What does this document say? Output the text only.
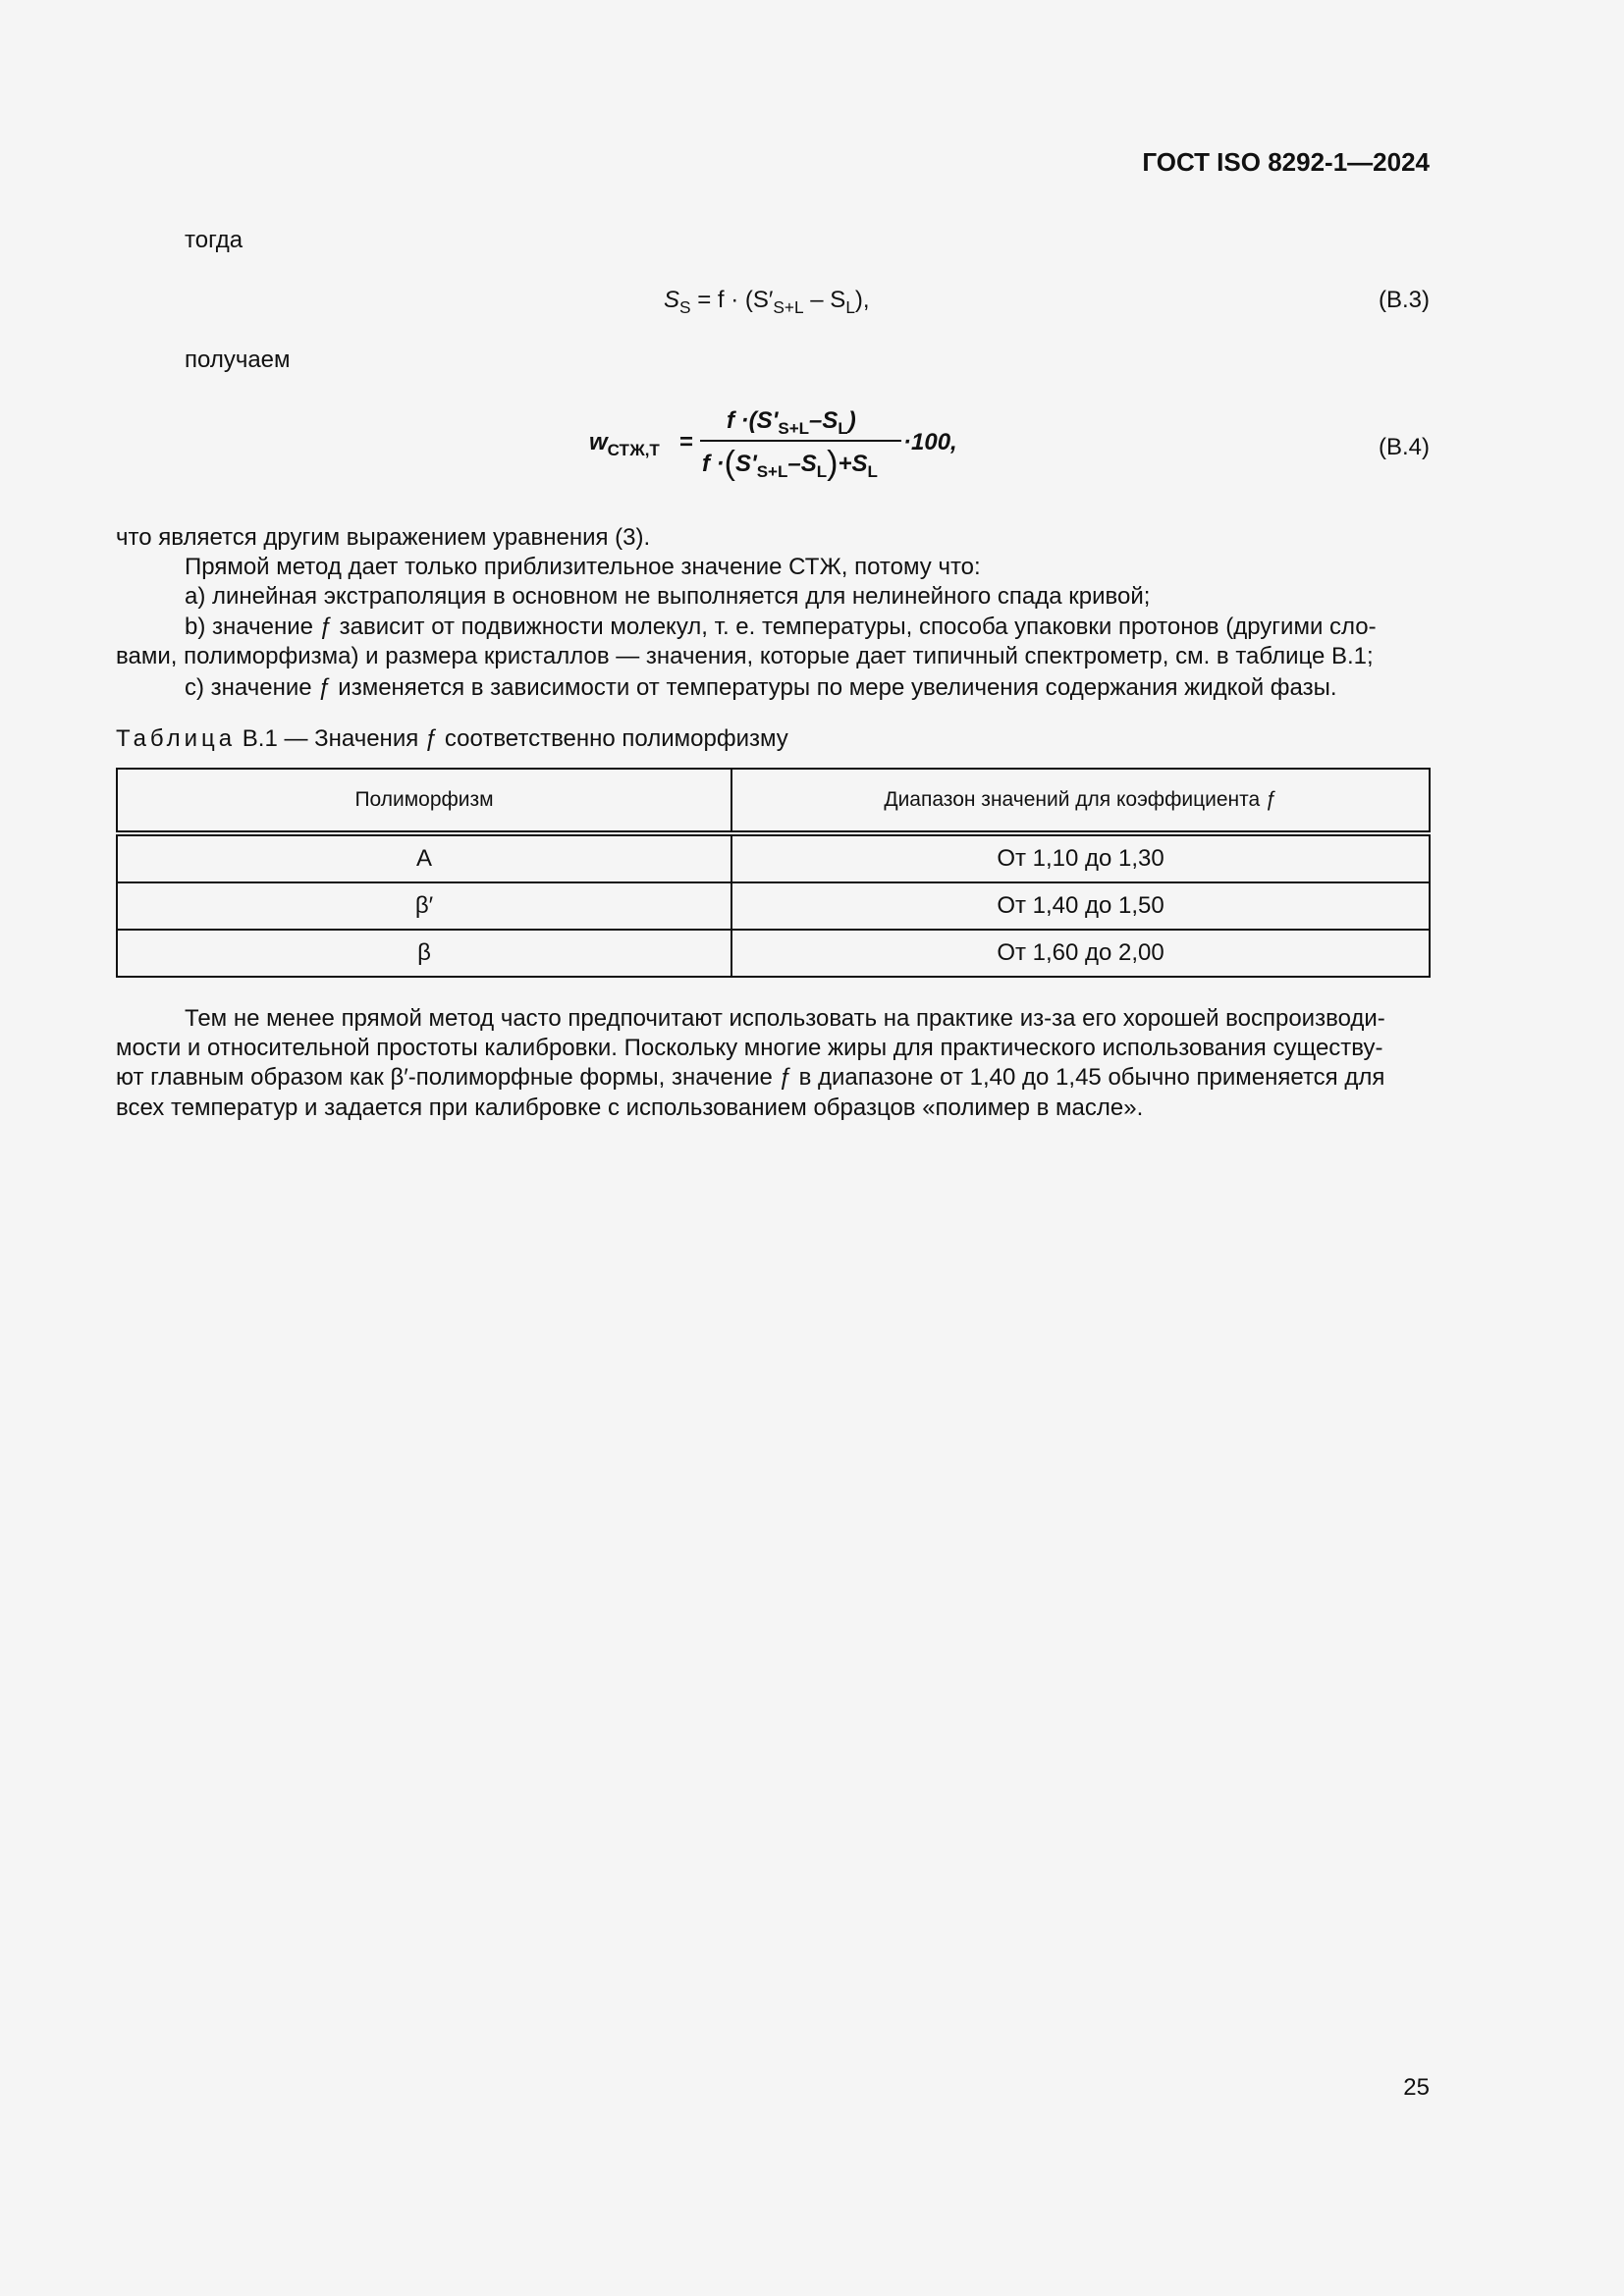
ГОСТ ISO 8292-1—2024
тогда
$S_S = f \cdot (S'_{S+L} - S_L)$,	(B.3)
получаем
$w_{СТЖ,T}$ =
$f \cdot(S'_{S+L}-S_L)$
$f \cdot(S'_{S+L}-S_L)+S_L$
·100,	(B.4)
что является другим выражением уравнения (3).
Прямой метод дает только приблизительное значение СТЖ, потому что:
a) линейная экстраполяция в основном не выполняется для нелинейного спада кривой;
b) значение ƒ зависит от подвижности молекул, т. е. температуры, способа упаковки протонов (другими сло-
вами, полиморфизма) и размера кристаллов — значения, которые дает типичный спектрометр, см. в таблице В.1;
c) значение ƒ изменяется в зависимости от температуры по мере увеличения содержания жидкой фазы.
Таблица B.1 — Значения ƒ соответственно полиморфизму
Полиморфизм	Диапазон значений для коэффициента ƒ
A	От 1,10 до 1,30
β′	От 1,40 до 1,50
β	От 1,60 до 2,00
Тем не менее прямой метод часто предпочитают использовать на практике из-за его хорошей воспроизводи-
мости и относительной простоты калибровки. Поскольку многие жиры для практического использования существу-
ют главным образом как β′-полиморфные формы, значение ƒ в диапазоне от 1,40 до 1,45 обычно применяется для
всех температур и задается при калибровке с использованием образцов «полимер в масле».
25
